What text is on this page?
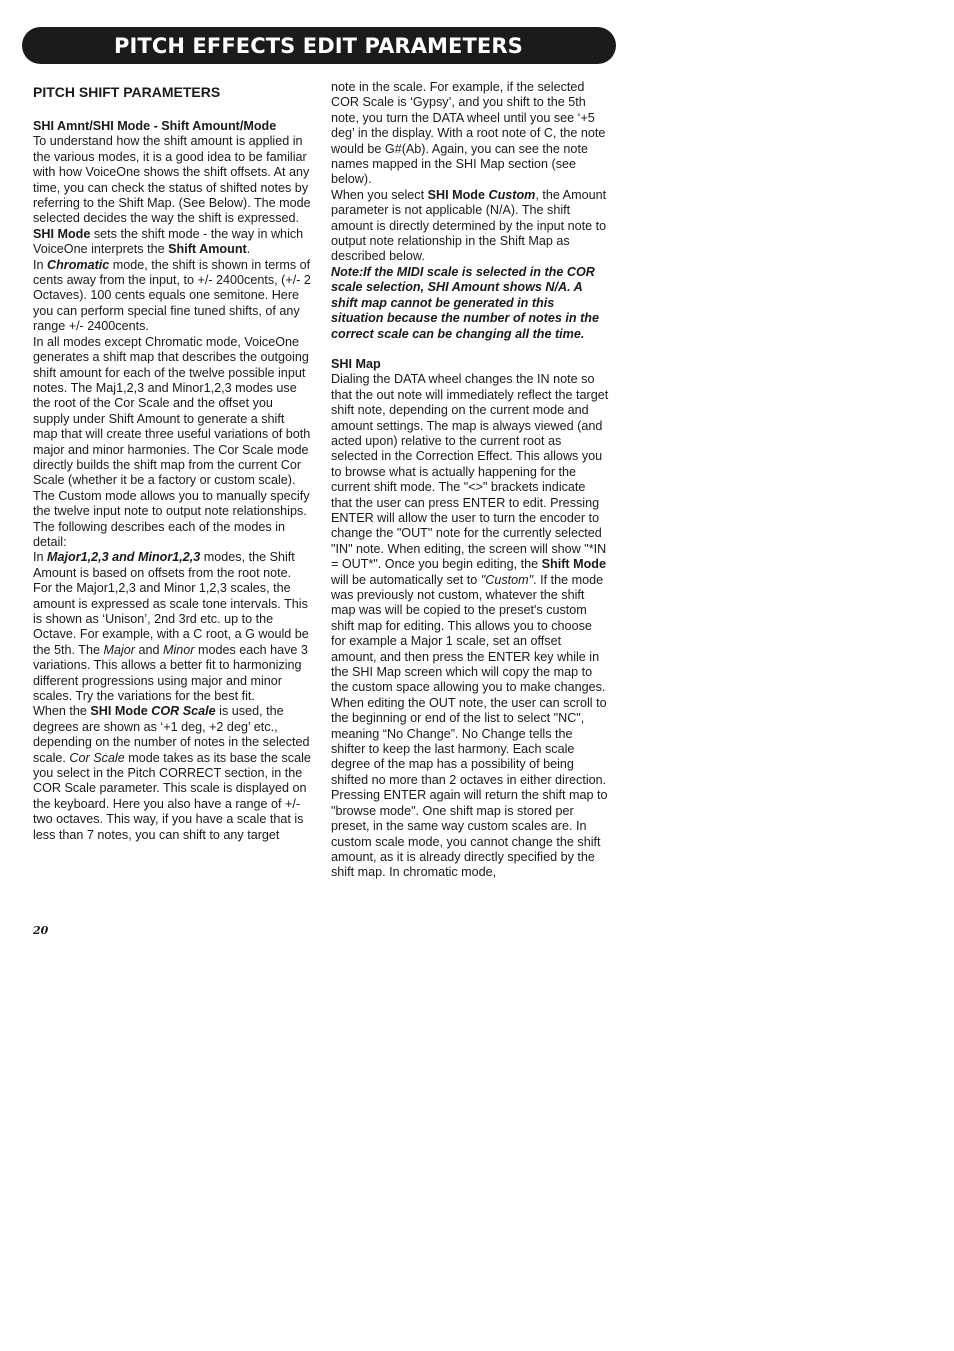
PITCH EFFECTS EDIT PARAMETERS

PITCH SHIFT PARAMETERS

SHI Amnt/SHI Mode - Shift Amount/Mode

To understand how the shift amount is applied in the various modes, it is a good idea to be familiar with how VoiceOne shows the shift offsets. At any time, you can check the status of shifted notes by referring to the Shift Map. (See Below). The mode selected decides the way the shift is expressed. SHI Mode sets the shift mode - the way in which VoiceOne interprets the Shift Amount.

In Chromatic mode, the shift is shown in terms of cents away from the input, to +/- 2400cents, (+/- 2 Octaves). 100 cents equals one semitone. Here you can perform special fine tuned shifts, of any range +/- 2400cents.

In all modes except Chromatic mode, VoiceOne generates a shift map that describes the outgoing shift amount for each of the twelve possible input notes. The Maj1,2,3 and Minor1,2,3 modes use the root of the Cor Scale and the offset you supply under Shift Amount to generate a shift map that will create three useful variations of both major and minor harmonies. The Cor Scale mode directly builds the shift map from the current Cor Scale (whether it be a factory or custom scale). The Custom mode allows you to manually specify the twelve input note to output note relationships. The following describes each of the modes in detail:

In Major1,2,3 and Minor1,2,3 modes, the Shift Amount is based on offsets from the root note. For the Major1,2,3 and Minor 1,2,3 scales, the amount is expressed as scale tone intervals. This is shown as ‘Unison’, 2nd 3rd etc. up to the Octave. For example, with a C root, a G would be the 5th. The Major and Minor modes each have 3 variations. This allows a better fit to harmonizing different progressions using major and minor scales. Try the variations for the best fit.

When the SHI Mode COR Scale is used, the degrees are shown as ‘+1 deg, +2 deg’ etc., depending on the number of notes in the selected scale. Cor Scale mode takes as its base the scale you select in the Pitch CORRECT section, in the COR Scale parameter. This scale is displayed on the keyboard. Here you also have a range of +/- two octaves. This way, if you have a scale that is less than 7 notes, you can shift to any target

note in the scale. For example, if the selected COR Scale is ‘Gypsy’, and you shift to the 5th note, you turn the DATA wheel until you see ‘+5 deg’ in the display. With a root note of C, the note would be G#(Ab). Again, you can see the note names mapped in the SHI Map section (see below).

When you select SHI Mode Custom, the Amount parameter is not applicable (N/A). The shift amount is directly determined by the input note to output note relationship in the Shift Map as described below.

Note:If the MIDI scale is selected in the COR scale selection, SHI Amount shows N/A. A shift map cannot be generated in this situation because the number of notes in the correct scale can be changing all the time.

SHI Map

Dialing the DATA wheel changes the IN note so that the out note will immediately reflect the target shift note, depending on the current mode and amount settings. The map is always viewed (and acted upon) relative to the current root as selected in the Correction Effect. This allows you to browse what is actually happening for the current shift mode. The "<>" brackets indicate that the user can press ENTER to edit. Pressing ENTER will allow the user to turn the encoder to change the "OUT" note for the currently selected "IN" note. When editing, the screen will show "*IN = OUT*". Once you begin editing, the Shift Mode will be automatically set to "Custom". If the mode was previously not custom, whatever the shift map was will be copied to the preset's custom shift map for editing. This allows you to choose for example a Major 1 scale, set an offset amount, and then press the ENTER key while in the SHI Map screen which will copy the map to the custom space allowing you to make changes. When editing the OUT note, the user can scroll to the beginning or end of the list to select "NC", meaning “No Change”. No Change tells the shifter to keep the last harmony. Each scale degree of the map has a possibility of being shifted no more than 2 octaves in either direction. Pressing ENTER again will return the shift map to "browse mode". One shift map is stored per preset, in the same way custom scales are. In custom scale mode, you cannot change the shift amount, as it is already directly specified by the shift map. In chromatic mode,

20
